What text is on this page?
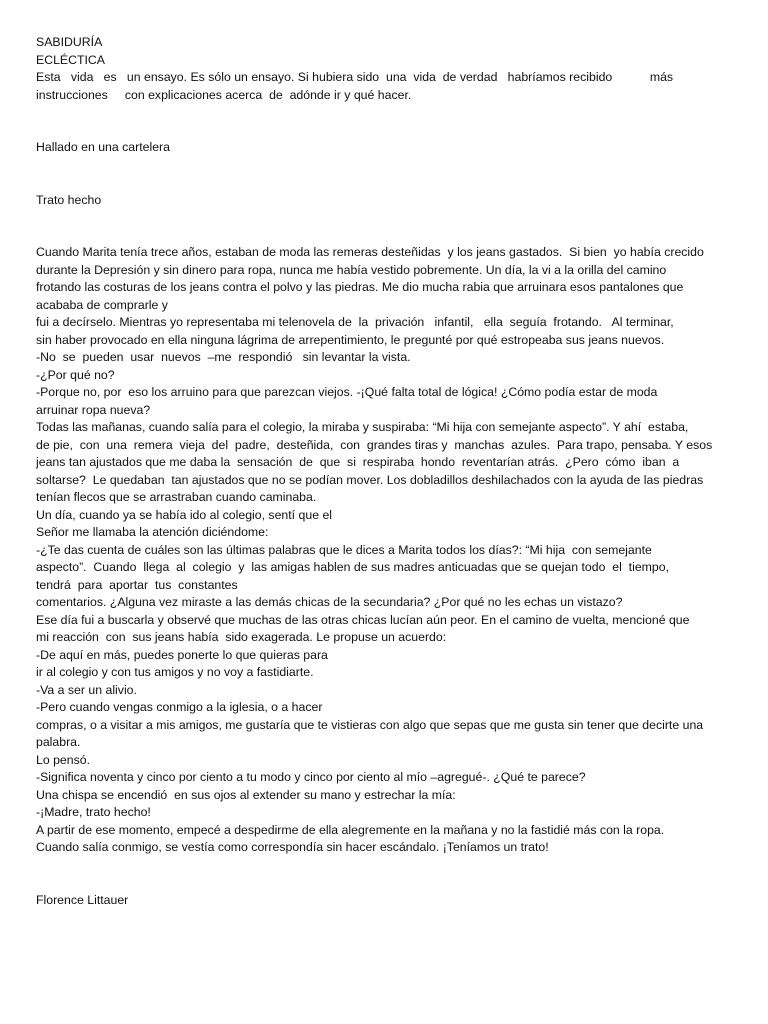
SABIDURÍA
ECLÉCTICA
Esta   vida   es   un ensayo. Es sólo un ensayo. Si hubiera sido  una  vida  de verdad   habríamos recibido           más
instrucciones     con explicaciones acerca  de  adónde ir y qué hacer.
Hallado en una cartelera
Trato hecho
Cuando Marita tenía trece años, estaban de moda las remeras desteñidas  y los jeans gastados.  Si bien  yo había crecido
durante la Depresión y sin dinero para ropa, nunca me había vestido pobremente. Un día, la vi a la orilla del camino
frotando las costuras de los jeans contra el polvo y las piedras. Me dio mucha rabia que arruinara esos pantalones que
acababa de comprarle y
fui a decírselo. Mientras yo representaba mi telenovela de  la  privación   infantil,   ella  seguía  frotando.   Al terminar,
sin haber provocado en ella ninguna lágrima de arrepentimiento, le pregunté por qué estropeaba sus jeans nuevos.
-No  se  pueden  usar  nuevos  –me  respondió   sin levantar la vista.
-¿Por qué no?
-Porque no, por  eso los arruino para que parezcan viejos. -¡Qué falta total de lógica! ¿Cómo podía estar de moda
arruinar ropa nueva?
Todas las mañanas, cuando salía para el colegio, la miraba y suspiraba: “Mi hija con semejante aspecto”. Y ahí  estaba,
de pie,  con  una  remera  vieja  del  padre,  desteñida,  con  grandes tiras y  manchas  azules.  Para trapo, pensaba. Y esos
jeans tan ajustados que me daba la  sensación  de  que  si  respiraba  hondo  reventarían atrás.  ¿Pero  cómo  iban  a
soltarse?  Le quedaban  tan ajustados que no se podían mover. Los dobladillos deshilachados con la ayuda de las piedras
tenían flecos que se arrastraban cuando caminaba.
Un día, cuando ya se había ido al colegio, sentí que el
Señor me llamaba la atención diciéndome:
-¿Te das cuenta de cuáles son las últimas palabras que le dices a Marita todos los días?: “Mi hija  con semejante
aspecto”.  Cuando  llega  al  colegio  y  las amigas hablen de sus madres anticuadas que se quejan todo  el  tiempo,
tendrá  para  aportar  tus  constantes
comentarios. ¿Alguna vez miraste a las demás chicas de la secundaria? ¿Por qué no les echas un vistazo?
Ese día fui a buscarla y observé que muchas de las otras chicas lucían aún peor. En el camino de vuelta, mencioné que
mi reacción  con  sus jeans había  sido exagerada. Le propuse un acuerdo:
-De aquí en más, puedes ponerte lo que quieras para
ir al colegio y con tus amigos y no voy a fastidiarte.
-Va a ser un alivio.
-Pero cuando vengas conmigo a la iglesia, o a hacer
compras, o a visitar a mis amigos, me gustaría que te vistieras con algo que sepas que me gusta sin tener que decirte una
palabra.
Lo pensó.
-Significa noventa y cinco por ciento a tu modo y cinco por ciento al mío –agregué-. ¿Qué te parece?
Una chispa se encendió  en sus ojos al extender su mano y estrechar la mía:
-¡Madre, trato hecho!
A partir de ese momento, empecé a despedirme de ella alegremente en la mañana y no la fastidié más con la ropa.
Cuando salía conmigo, se vestía como correspondía sin hacer escándalo. ¡Teníamos un trato!
Florence Littauer
